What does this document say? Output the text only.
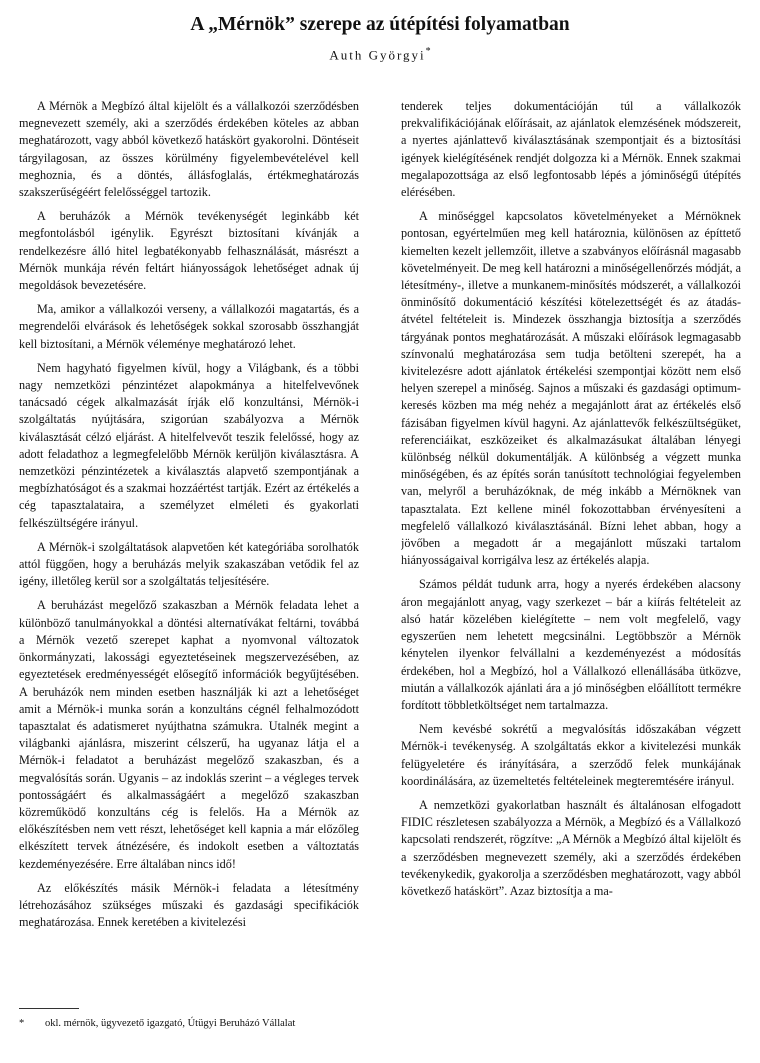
A „Mérnök” szerepe az útépítési folyamatban
Auth Györgyi*

A Mérnök a Megbízó által kijelölt és a vállalkozói szerződésben megnevezett személy, aki a szerződés érdekében köteles az abban meghatározott, vagy abból következő hatáskört gyakorolni. Döntéseit tárgyilagosan, az összes körülmény figyelembevételével kell meghoznia, és a döntés, állásfoglalás, értékmeghatározás szakszerűségéért felelősséggel tartozik.

A beruházók a Mérnök tevékenységét leginkább két megfontolásból igénylik. Egyrészt biztosítani kívánják a rendelkezésre álló hitel legbatékonyabb felhasználását, másrészt a Mérnök munkája révén feltárt hiányosságok lehetőséget adnak új megoldások bevezetésére.

Ma, amikor a vállalkozói verseny, a vállalkozói magatartás, és a megrendelői elvárások és lehetőségek sokkal szorosabb összhangját kell biztosítani, a Mérnök véleménye meghatározó lehet.

Nem hagyható figyelmen kívül, hogy a Világbank, és a többi nagy nemzetközi pénzintézet alapokmánya a hitelfelvevőnek tanácsadó cégek alkalmazását írják elő konzultánsi, Mérnök-i szolgáltatás nyújtására, szigorúan szabályozva a Mérnök kiválasztását célzó eljárást. A hitelfelvevőt teszik felelőssé, hogy az adott feladathoz a legmegfelelőbb Mérnök kerüljön kiválasztásra. A nemzetközi pénzintézetek a kiválasztás alapvető szempontjának a megbízhatóságot és a szakmai hozzáértést tartják. Ezért az értékelés a cég tapasztalataira, a személyzet elméleti és gyakorlati felkészültségére irányul.

A Mérnök-i szolgáltatások alapvetően két kategóriába sorolhatók attól függően, hogy a beruházás melyik szakaszában vetődik fel az igény, illetőleg kerül sor a szolgáltatás teljesítésére.

A beruházást megelőző szakaszban a Mérnök feladata lehet a különböző tanulmányokkal a döntési alternatívákat feltárni, továbbá a Mérnök vezető szerepet kaphat a nyomvonal változatok önkormányzati, lakossági egyeztetéseinek megszervezésében, az egyeztetések eredményességét elősegítő információk begyűjtésében. A beruházók nem minden esetben használják ki azt a lehetőséget amit a Mérnök-i munka során a konzultáns cégnél felhalmozódott tapasztalat és adatismeret nyújthatna számukra. Utalnék megint a világbanki ajánlásra, miszerint célszerű, ha ugyanaz látja el a Mérnök-i feladatot a beruházást megelőző szakaszban, és a megvalósítás során. Ugyanis – az indoklás szerint – a végleges tervek pontosságáért és alkalmasságáért a megelőző szakaszban közreműködő konzultáns cég is felelős. Ha a Mérnök az előkészítésben nem vett részt, lehetőséget kell kapnia a már előzőleg elkészített tervek átnézésére, és indokolt esetben a változtatás kezdeményezésére. Erre általában nincs idő!

Az előkészítés másik Mérnök-i feladata a létesítmény létrehozásához szükséges műszaki és gazdasági specifikációk meghatározása. Ennek keretében a kivitelezési

tenderek teljes dokumentációján túl a vállalkozók prekvalifikációjának előírásait, az ajánlatok elemzésének módszereit, a nyertes ajánlattevő kiválasztásának szempontjait és a biztosítási igények kielégítésének rendjét dolgozza ki a Mérnök. Ennek szakmai megalapozottsága az első legfontosabb lépés a jóminőségű útépítés elérésében.

A minőséggel kapcsolatos követelményeket a Mérnöknek pontosan, egyértelműen meg kell határoznia, különösen az építtető kiemelten kezelt jellemzőit, illetve a szabványos előírásnál magasabb követelményeit. De meg kell határozni a minőségellenőrzés módját, a létesítmény-, illetve a munkanem-minősítés módszerét, a vállalkozói önminősítő dokumentáció készítési kötelezettségét és az átadás-átvétel feltételeit is. Mindezek összhangja biztosítja a szerződés tárgyának pontos meghatározását. A műszaki előírások legmagasabb színvonalú meghatározása sem tudja betölteni szerepét, ha a kivitelezésre adott ajánlatok értékelési szempontjai között nem első helyen szerepel a minőség. Sajnos a műszaki és gazdasági optimum-keresés közben ma még nehéz a megajánlott árat az értékelés első fázisában figyelmen kívül hagyni. Az ajánlattevők felkészültségüket, referenciáikat, eszközeiket és alkalmazásukat általában lényegi különbség nélkül dokumentálják. A különbség a végzett munka minőségében, és az építés során tanúsított technológiai fegyelemben van, melyről a beruházóknak, de még inkább a Mérnöknek van tapasztalata. Ezt kellene minél fokozottabban érvényesíteni a megfelelő vállalkozó kiválasztásánál. Bízni lehet abban, hogy a jövőben a megadott ár a megajánlott műszaki tartalom hiányosságaival korrigálva lesz az értékelés alapja.

Számos példát tudunk arra, hogy a nyerés érdekében alacsony áron megajánlott anyag, vagy szerkezet – bár a kiírás feltételeit az alsó határ közelében kielégítette – nem volt megfelelő, vagy egyszerűen nem lehetett megcsinálni. Legtöbbször a Mérnök kénytelen ilyenkor felvállalni a kezdeményezést a módosítás érdekében, hol a Megbízó, hol a Vállalkozó ellenállásába ütközve, miután a vállalkozók ajánlati ára a jó minőségben előállított termékre fordított többletköltséget nem tartalmazza.

Nem kevésbé sokrétű a megvalósítás időszakában végzett Mérnök-i tevékenység. A szolgáltatás ekkor a kivitelezési munkák felügyeletére és irányítására, a szerződő felek munkájának koordinálására, az üzemeltetés feltételeinek megteremtésére irányul.

A nemzetközi gyakorlatban használt és általánosan elfogadott FIDIC részletesen szabályozza a Mérnök, a Megbízó és a Vállalkozó kapcsolati rendszerét, rögzítve: „A Mérnök a Megbízó által kijelölt és a szerződésben megnevezett személy, aki a szerződés érdekében tevékenykedik, gyakorolja a szerződésben meghatározott, vagy abból következő hatáskört”. Azaz biztosítja a ma-

* okl. mérnök, ügyvezető igazgató, Útügyi Beruházó Vállalat
